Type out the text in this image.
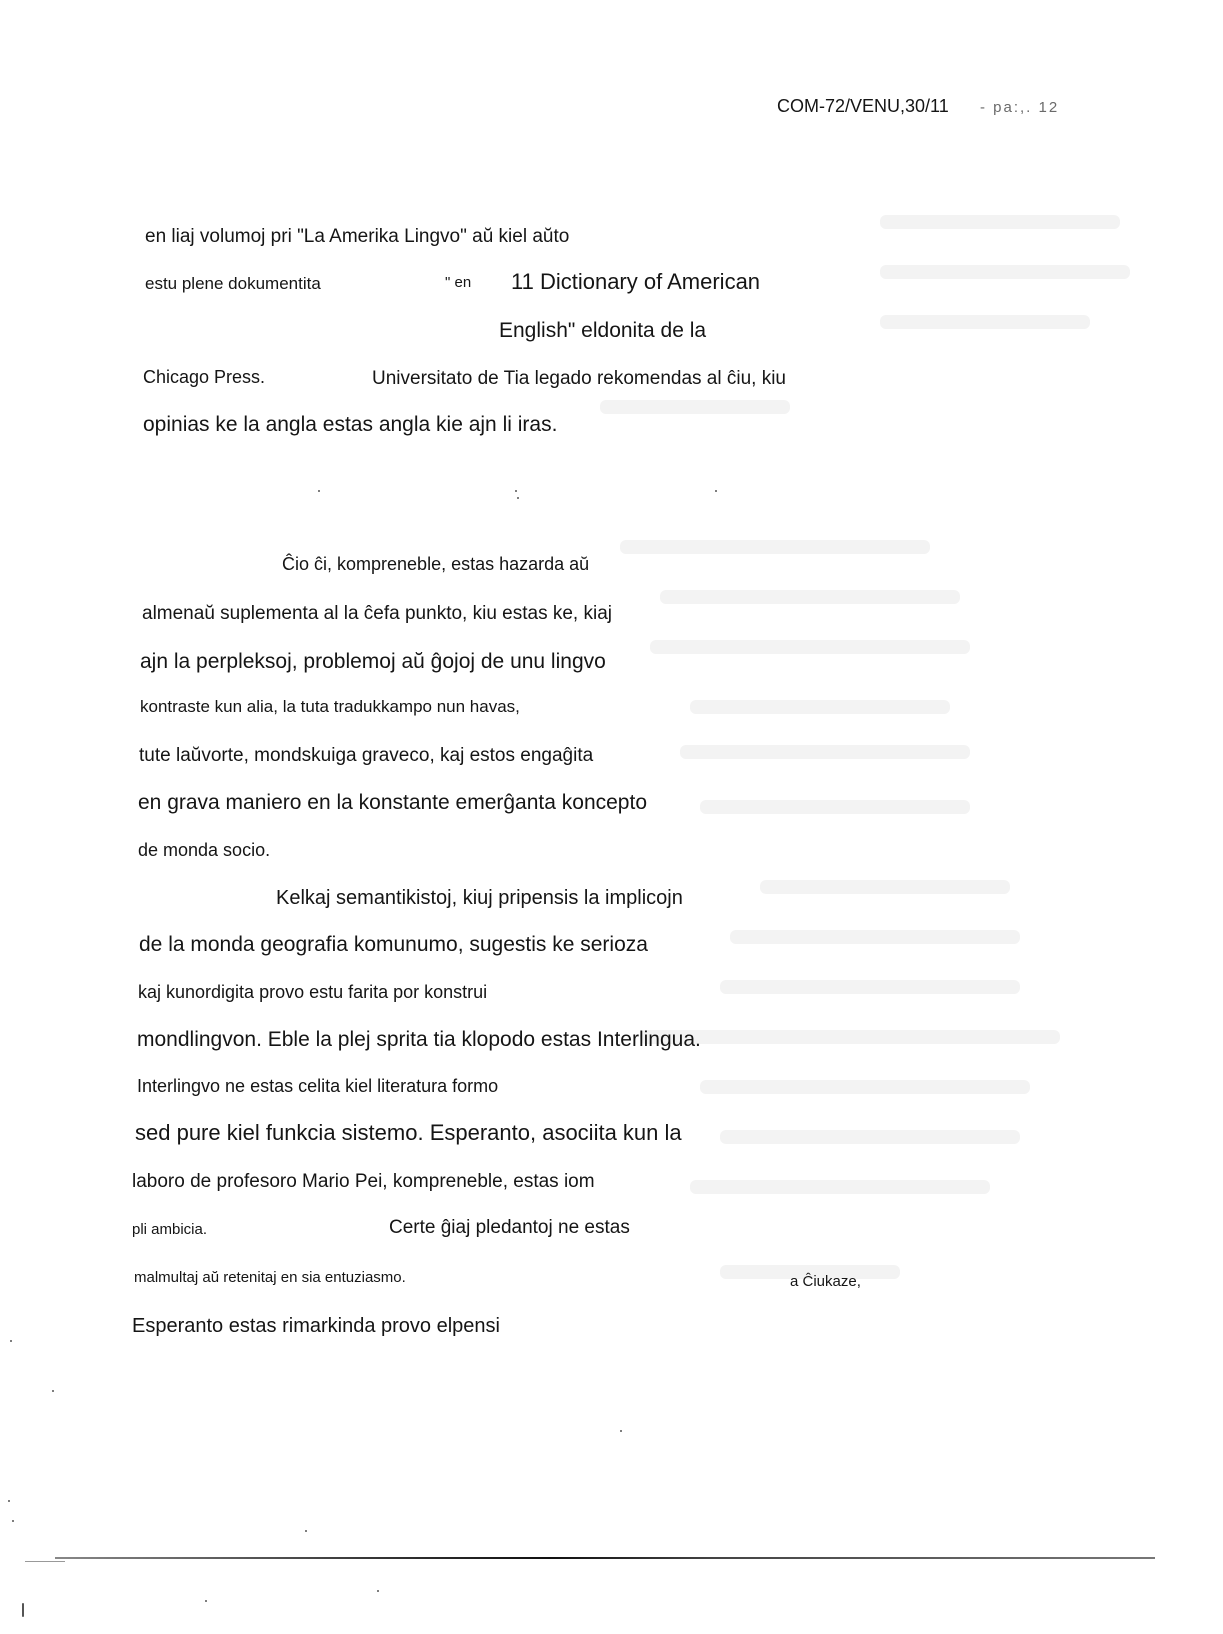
COM-72/VENU,30/11 - pa:,. 12
en liaj volumoj pri "La Amerika Lingvo" aŭ kiel aŭto
estu plene dokumentita	" en 11 Dictionary of American
English" eldonita de la
Chicago Press.	Universitato de Tia legado rekomendas al ĉiu, kiu
opinias ke la angla estas angla kie ajn li iras.
Ĉio ĉi, kompreneble, estas hazarda aŭ
almenaŭ suplementa al la ĉefa punkto, kiu estas ke, kiaj
ajn la perpleksoj, problemoj aŭ ĝojoj de unu lingvo
kontraste kun alia, la tuta tradukkampo nun havas,
tute laŭvorte, mondskuiga graveco, kaj estos engaĝita
en grava maniero en la konstante emerĝanta koncepto
de monda socio.
Kelkaj semantikistoj, kiuj pripensis la implicojn
de la monda geografia komunumo, sugestis ke serioza
kaj kunordigita provo estu farita por konstrui
mondlingvon. Eble la plej sprita tia klopodo estas Interlingua.
Interlingvo ne estas celita kiel literatura formo
sed pure kiel funkcia sistemo. Esperanto, asociita kun la
laboro de profesoro Mario Pei, kompreneble, estas iom
pli ambicia.	Certe ĝiaj pledantoj ne estas
malmultaj aŭ retenitaj en sia entuziasmo.	a Ĉiukaze,
Esperanto estas rimarkinda provo elpensi
